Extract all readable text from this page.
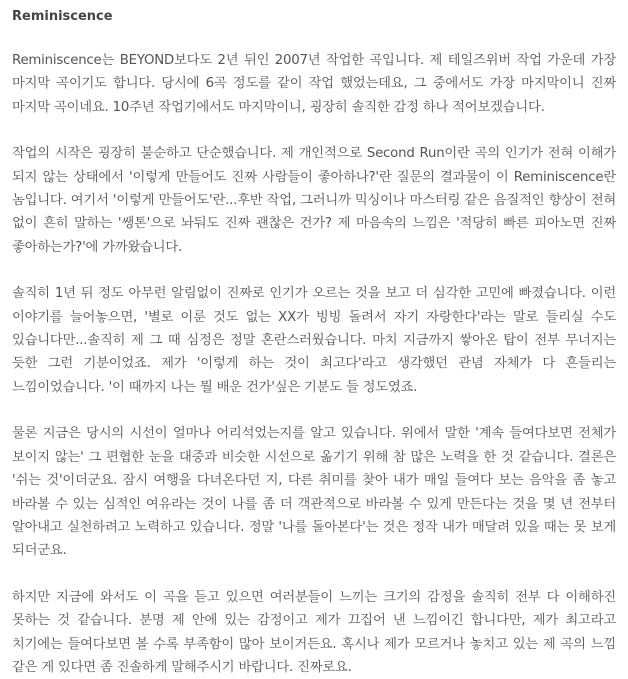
Reminiscence

Reminiscence는 BEYOND보다도 2년 뒤인 2007년 작업한 곡입니다. 제 테일즈위버 작업 가운데 가장 마지막 곡이기도 합니다. 당시에 6곡 정도를 같이 작업 했었는데요, 그 중에서도 가장 마지막이니 진짜 마지막 곡이네요. 10주년 작업기에서도 마지막이니, 굉장히 솔직한 감정 하나 적어보겠습니다.

작업의 시작은 굉장히 불순하고 단순했습니다. 제 개인적으로 Second Run이란 곡의 인기가 전혀 이해가 되지 않는 상태에서 '이렇게 만들어도 진짜 사람들이 좋아하나?'란 질문의 결과물이 이 Reminiscence란 놈입니다. 여기서 '이렇게 만들어도'란...후반 작업, 그러니까 믹싱이나 마스터링 같은 음질적인 향상이 전혀 없이 흔히 말하는 '쌩톤'으로 놔둬도 진짜 괜찮은 건가? 제 마음속의 느낌은 '적당히 빠른 피아노면 진짜 좋아하는가?'에 가까왔습니다.

솔직히 1년 뒤 정도 아무런 알림없이 진짜로 인기가 오르는 것을 보고 더 심각한 고민에 빠졌습니다. 이런 이야기를 늘어놓으면, '별로 이룬 것도 없는 XX가 빙빙 돌려서 자기 자랑한다'라는 말로 들리실 수도 있습니다만...솔직히 제 그 때 심정은 정말 혼란스러웠습니다. 마치 지금까지 쌓아온 탑이 전부 무너지는 듯한 그런 기분이었죠. 제가 '이렇게 하는 것이 최고다'라고 생각했던 관념 자체가 다 흔들리는 느낌이었습니다. '이 때까지 나는 뭘 배운 건가'싶은 기분도 들 정도였죠.

물론 지금은 당시의 시선이 얼마나 어리석었는지를 알고 있습니다. 위에서 말한 '계속 들여다보면 전체가 보이지 않는' 그 편협한 눈을 대중과 비슷한 시선으로 옮기기 위해 참 많은 노력을 한 것 같습니다. 결론은 '쉬는 것'이더군요. 잠시 여행을 다녀온다던 지, 다른 취미를 찾아 내가 매일 들여다 보는 음악을 좀 놓고 바라볼 수 있는 심적인 여유라는 것이 나를 좀 더 객관적으로 바라볼 수 있게 만든다는 것을 몇 년 전부터 알아내고 실천하려고 노력하고 있습니다. 정말 '나를 돌아본다'는 것은 정작 내가 매달려 있을 때는 못 보게 되더군요.

하지만 지금에 와서도 이 곡을 듣고 있으면 여러분들이 느끼는 크기의 감정을 솔직히 전부 다 이해하진 못하는 것 같습니다. 분명 제 안에 있는 감정이고 제가 끄집어 낸 느낌이긴 합니다만, 제가 최고라고 치기에는 들여다보면 볼 수록 부족함이 많아 보이거든요. 혹시나 제가 모르거나 놓치고 있는 제 곡의 느낌 같은 게 있다면 좀 진솔하게 말해주시기 바랍니다. 진짜로요.
